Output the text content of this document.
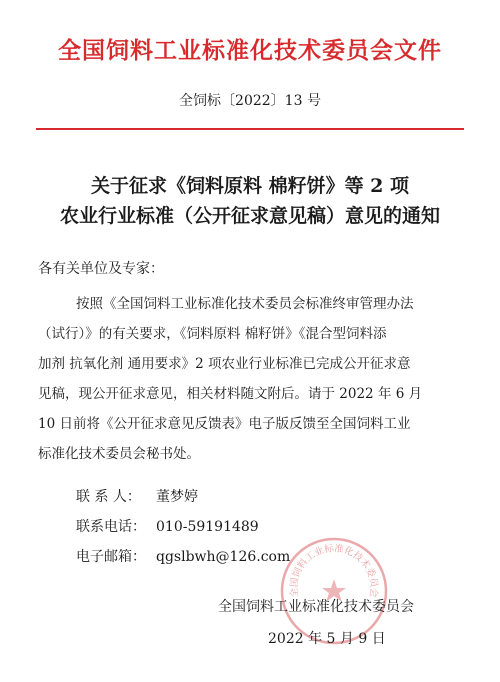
全国饲料工业标准化技术委员会文件
全饲标〔2022〕13 号
关于征求《饲料原料 棉籽饼》等 2 项
农业行业标准（公开征求意见稿）意见的通知
各有关单位及专家：
按照《全国饲料工业标准化技术委员会标准终审管理办法
（试行）》的有关要求，《饲料原料 棉籽饼》《混合型饲料添
加剂 抗氧化剂 通用要求》2 项农业行业标准已完成公开征求意
见稿，现公开征求意见，相关材料随文附后。请于 2022 年 6 月
10 日前将《公开征求意见反馈表》电子版反馈至全国饲料工业
标准化技术委员会秘书处。
联 系 人： 董梦婷
联系电话： 010-59191489
电子邮箱： qgslbwh@126.com
全国饲料工业标准化技术委员会
全国饲料工业标准化技术委员会
2022 年 5 月 9 日
